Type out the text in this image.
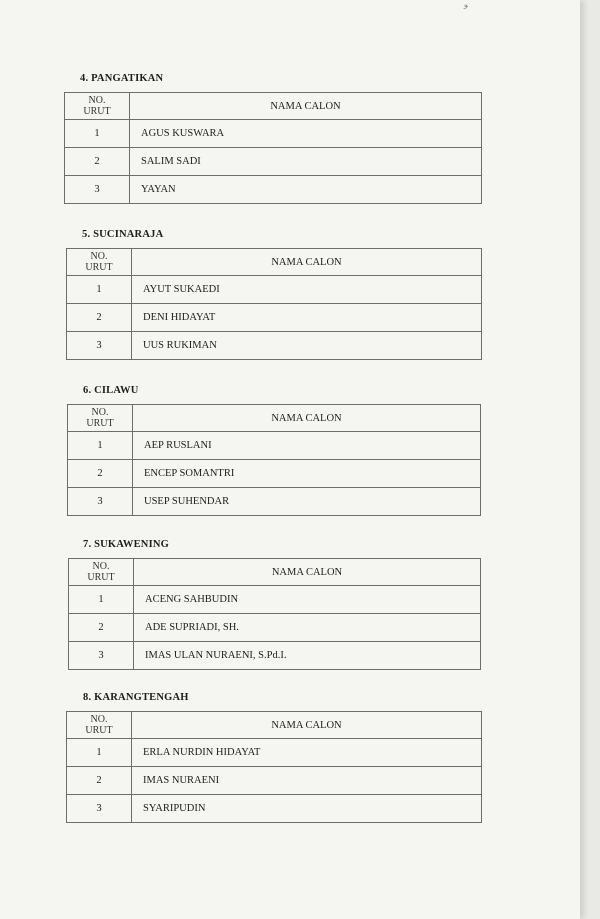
ﻮ
4. PANGATIKAN
NO.
URUT	NAMA CALON
1	AGUS KUSWARA
2	SALIM SADI
3	YAYAN
5. SUCINARAJA
NO.
URUT	NAMA CALON
1	AYUT SUKAEDI
2	DENI HIDAYAT
3	UUS RUKIMAN
6. CILAWU
NO.
URUT	NAMA CALON
1	AEP RUSLANI
2	ENCEP SOMANTRI
3	USEP SUHENDAR
7. SUKAWENING
NO.
URUT	NAMA CALON
1	ACENG SAHBUDIN
2	ADE SUPRIADI, SH.
3	IMAS ULAN NURAENI, S.Pd.I.
8. KARANGTENGAH
NO.
URUT	NAMA CALON
1	ERLA NURDIN HIDAYAT
2	IMAS NURAENI
3	SYARIPUDIN
